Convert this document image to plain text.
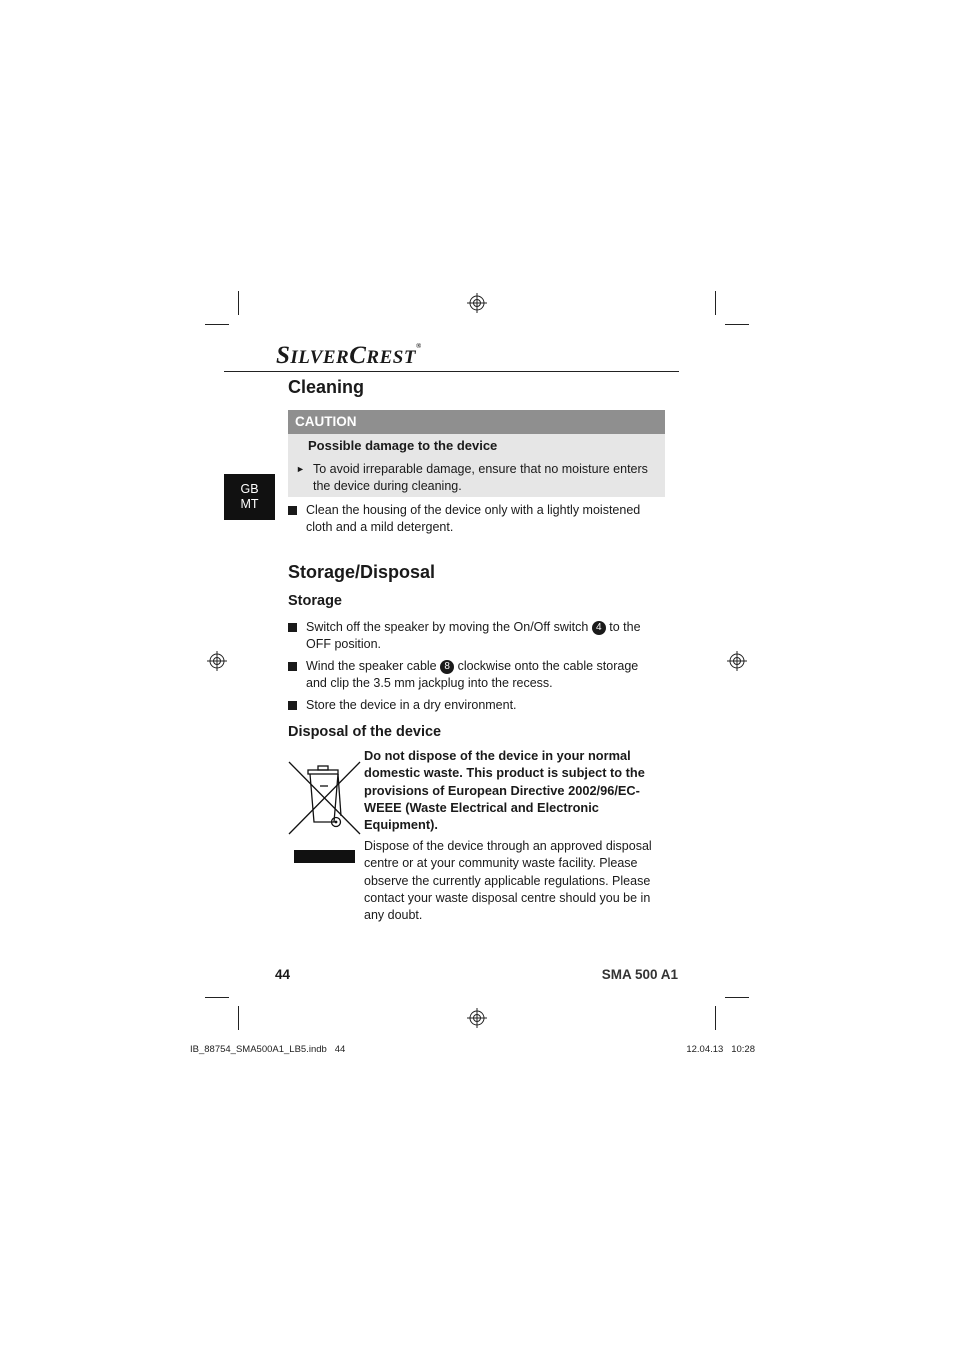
SILVERCREST®
GB
MT
Cleaning
CAUTION
Possible damage to the device
► To avoid irreparable damage, ensure that no moisture enters the device during cleaning.
Clean the housing of the device only with a lightly moistened cloth and a mild detergent.
Storage/Disposal
Storage
Switch off the speaker by moving the On/Off switch 4 to the OFF position.
Wind the speaker cable 8 clockwise onto the cable storage and clip the 3.5 mm jackplug into the recess.
Store the device in a dry environment.
Disposal of the device
Do not dispose of the device in your normal domestic waste. This product is subject to the provisions of European Directive 2002/96/EC-WEEE (Waste Electrical and Electronic Equipment).
Dispose of the device through an approved disposal centre or at your community waste facility. Please observe the currently applicable regulations. Please contact your waste disposal centre should you be in any doubt.
44	SMA 500 A1
IB_88754_SMA500A1_LB5.indb   44	12.04.13   10:28
